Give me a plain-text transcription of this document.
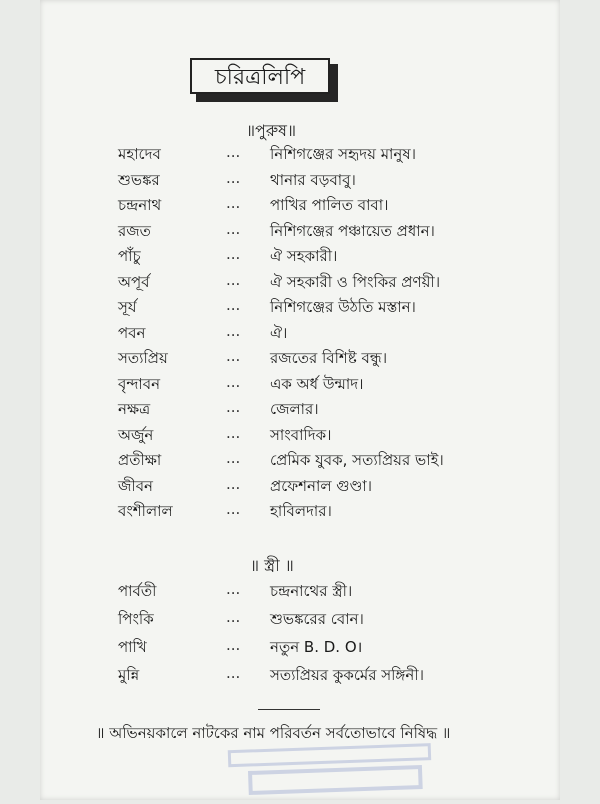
চরিত্রলিপি
॥পুরুষ॥
মহাদেব	... নিশিগঞ্জের সহৃদয় মানুষ।
শুভঙ্কর	... থানার বড়বাবু।
চন্দ্রনাথ	... পাখির পালিত বাবা।
রজত	... নিশিগঞ্জের পঞ্চায়েত প্রধান।
পাঁচু	... ঐ সহকারী।
অপূর্ব	... ঐ সহকারী ও পিংকির প্রণয়ী।
সূর্য	... নিশিগঞ্জের উঠতি মস্তান।
পবন	... ঐ।
সত্যপ্রিয়	... রজতের বিশিষ্ট বন্ধু।
বৃন্দাবন	... এক অর্ধ উন্মাদ।
নক্ষত্র	... জেলার।
অর্জুন	... সাংবাদিক।
প্রতীক্ষা	... প্রেমিক যুবক, সত্যপ্রিয়র ভাই।
জীবন	... প্রফেশনাল গুণ্ডা।
বংশীলাল	... হাবিলদার।
॥ স্ত্রী ॥
পার্বতী	... চন্দ্রনাথের স্ত্রী।
পিংকি	... শুভঙ্করের বোন।
পাখি	... নতুন B. D. O।
মুন্নি	... সত্যপ্রিয়র কুকর্মের সঙ্গিনী।
॥ অভিনয়কালে নাটকের নাম পরিবর্তন সর্বতোভাবে নিষিদ্ধ ॥
